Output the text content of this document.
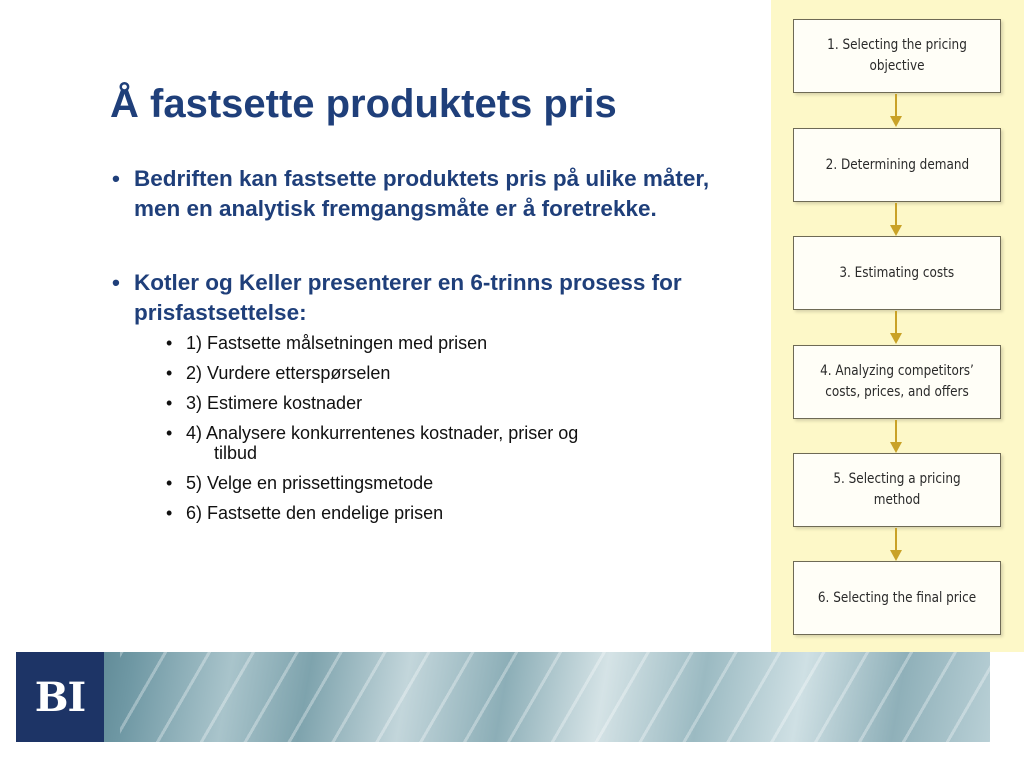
Å fastsette produktets pris
• Bedriften kan fastsette produktets pris på ulike måter, men en analytisk fremgangsmåte er å foretrekke.
• Kotler og Keller presenterer en 6-trinns prosess for prisfastsettelse:
• 1) Fastsette målsetningen med prisen
• 2) Vurdere etterspørselen
• 3) Estimere kostnader
• 4) Analysere konkurrentenes kostnader, priser og
tilbud
• 5) Velge en prissettingsmetode
• 6) Fastsette den endelige prisen
1. Selecting the pricing objective
2. Determining demand
3. Estimating costs
4. Analyzing competitors’ costs, prices, and offers
5. Selecting a pricing method
6. Selecting the final price
BI
